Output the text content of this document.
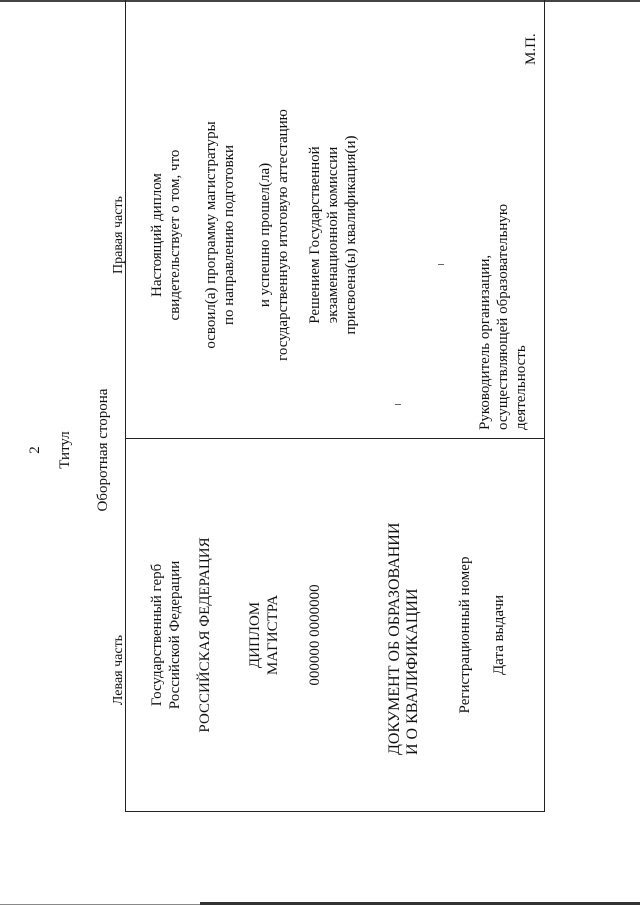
2 Титул Оборотная сторона
Левая часть Государственный герб Российской Федерации РОССИЙСКАЯ ФЕДЕРАЦИЯ ДИПЛОМ МАГИСТРА 000000 0000000	ДОКУМЕНТ ОБ ОБРАЗОВАНИИ И О КВАЛИФИКАЦИИ Регистрационный номер Дата выдачи
Правая часть Настоящий диплом свидетельствует о том, что освоил(а) программу магистратуры по направлению подготовки и успешно прошел(ла) государственную итоговую аттестацию Решением Государственной экзаменационной комиссии присвоена(ы) квалификация(и)
Руководитель организации, осуществляющей образовательную деятельность
М.П.
